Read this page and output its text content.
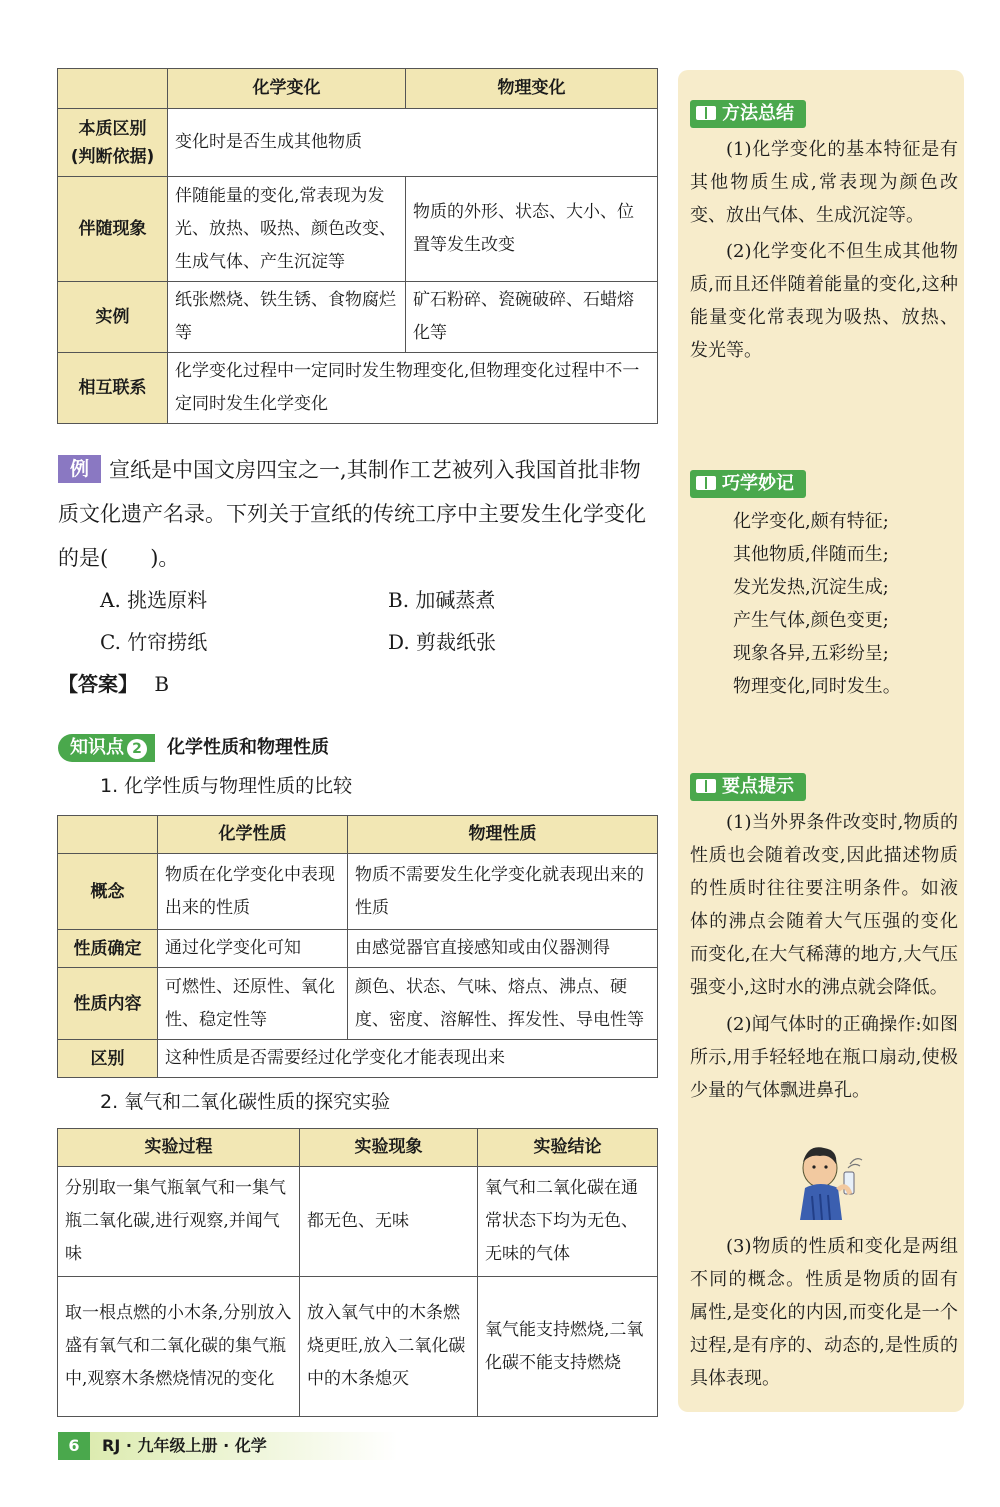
	化学变化	物理变化
本质区别
(判断依据)	变化时是否生成其他物质	
伴随现象	伴随能量的变化,常表现为发光、放热、吸热、颜色改变、生成气体、产生沉淀等	物质的外形、状态、大小、位置等发生改变
实例	纸张燃烧、铁生锈、食物腐烂等	矿石粉碎、瓷碗破碎、石蜡熔化等
相互联系	化学变化过程中一定同时发生物理变化,但物理变化过程中不一定同时发生化学变化	
例 宣纸是中国文房四宝之一,其制作工艺被列入我国首批非物质文化遗产名录。下列关于宣纸的传统工序中主要发生化学变化的是(　　)。
A. 挑选原料	B. 加碱蒸煮
C. 竹帘捞纸	D. 剪裁纸张
【答案】 B
知识点 2 化学性质和物理性质
1. 化学性质与物理性质的比较
	化学性质	物理性质
概念	物质在化学变化中表现出来的性质	物质不需要发生化学变化就表现出来的性质
性质确定	通过化学变化可知	由感觉器官直接感知或由仪器测得
性质内容	可燃性、还原性、氧化性、稳定性等	颜色、状态、气味、熔点、沸点、硬度、密度、溶解性、挥发性、导电性等
区别	这种性质是否需要经过化学变化才能表现出来	
2. 氧气和二氧化碳性质的探究实验
实验过程	实验现象	实验结论
分别取一集气瓶氧气和一集气瓶二氧化碳,进行观察,并闻气味	都无色、无味	氧气和二氧化碳在通常状态下均为无色、无味的气体
取一根点燃的小木条,分别放入盛有氧气和二氧化碳的集气瓶中,观察木条燃烧情况的变化	放入氧气中的木条燃烧更旺,放入二氧化碳中的木条熄灭	氧气能支持燃烧,二氧化碳不能支持燃烧
方法总结

(1)化学变化的基本特征是有其他物质生成,常表现为颜色改变、放出气体、生成沉淀等。

(2)化学变化不但生成其他物质,而且还伴随着能量的变化,这种能量变化常表现为吸热、放热、发光等。

巧学妙记
化学变化,颇有特征;
其他物质,伴随而生;
发光发热,沉淀生成;
产生气体,颜色变更;
现象各异,五彩纷呈;
物理变化,同时发生。
要点提示

(1)当外界条件改变时,物质的性质也会随着改变,因此描述物质的性质时往往要注明条件。如液体的沸点会随着大气压强的变化而变化,在大气稀薄的地方,大气压强变小,这时水的沸点就会降低。

(2)闻气体时的正确操作:如图所示,用手轻轻地在瓶口扇动,使极少量的气体飘进鼻孔。

(3)物质的性质和变化是两组不同的概念。性质是物质的固有属性,是变化的内因,而变化是一个过程,是有序的、动态的,是性质的具体表现。

6 RJ · 九年级上册 · 化学
